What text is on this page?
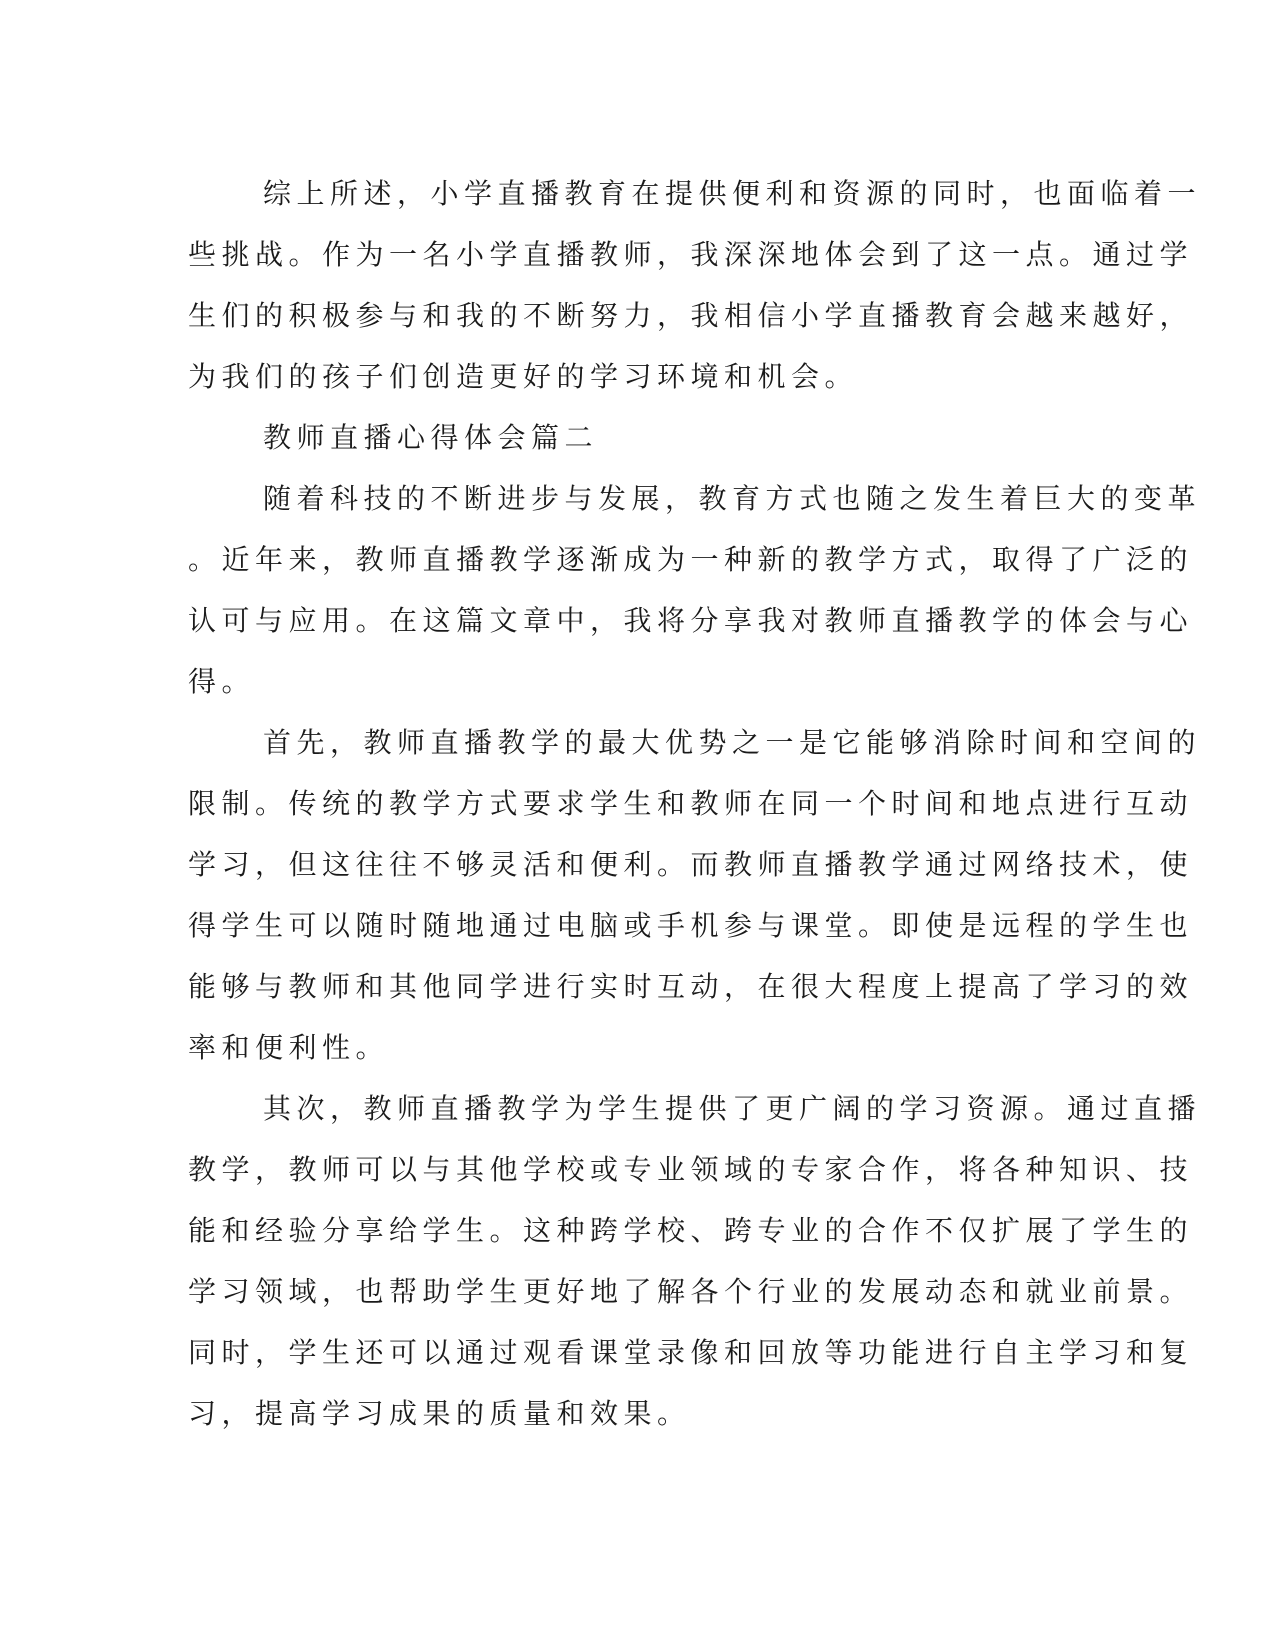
综上所述，小学直播教育在提供便利和资源的同时，也面临着一
些挑战。作为一名小学直播教师，我深深地体会到了这一点。通过学
生们的积极参与和我的不断努力，我相信小学直播教育会越来越好，
为我们的孩子们创造更好的学习环境和机会。
教师直播心得体会篇二
随着科技的不断进步与发展，教育方式也随之发生着巨大的变革
。近年来，教师直播教学逐渐成为一种新的教学方式，取得了广泛的
认可与应用。在这篇文章中，我将分享我对教师直播教学的体会与心
得。
首先，教师直播教学的最大优势之一是它能够消除时间和空间的
限制。传统的教学方式要求学生和教师在同一个时间和地点进行互动
学习，但这往往不够灵活和便利。而教师直播教学通过网络技术，使
得学生可以随时随地通过电脑或手机参与课堂。即使是远程的学生也
能够与教师和其他同学进行实时互动，在很大程度上提高了学习的效
率和便利性。
其次，教师直播教学为学生提供了更广阔的学习资源。通过直播
教学，教师可以与其他学校或专业领域的专家合作，将各种知识、技
能和经验分享给学生。这种跨学校、跨专业的合作不仅扩展了学生的
学习领域，也帮助学生更好地了解各个行业的发展动态和就业前景。
同时，学生还可以通过观看课堂录像和回放等功能进行自主学习和复
习，提高学习成果的质量和效果。
